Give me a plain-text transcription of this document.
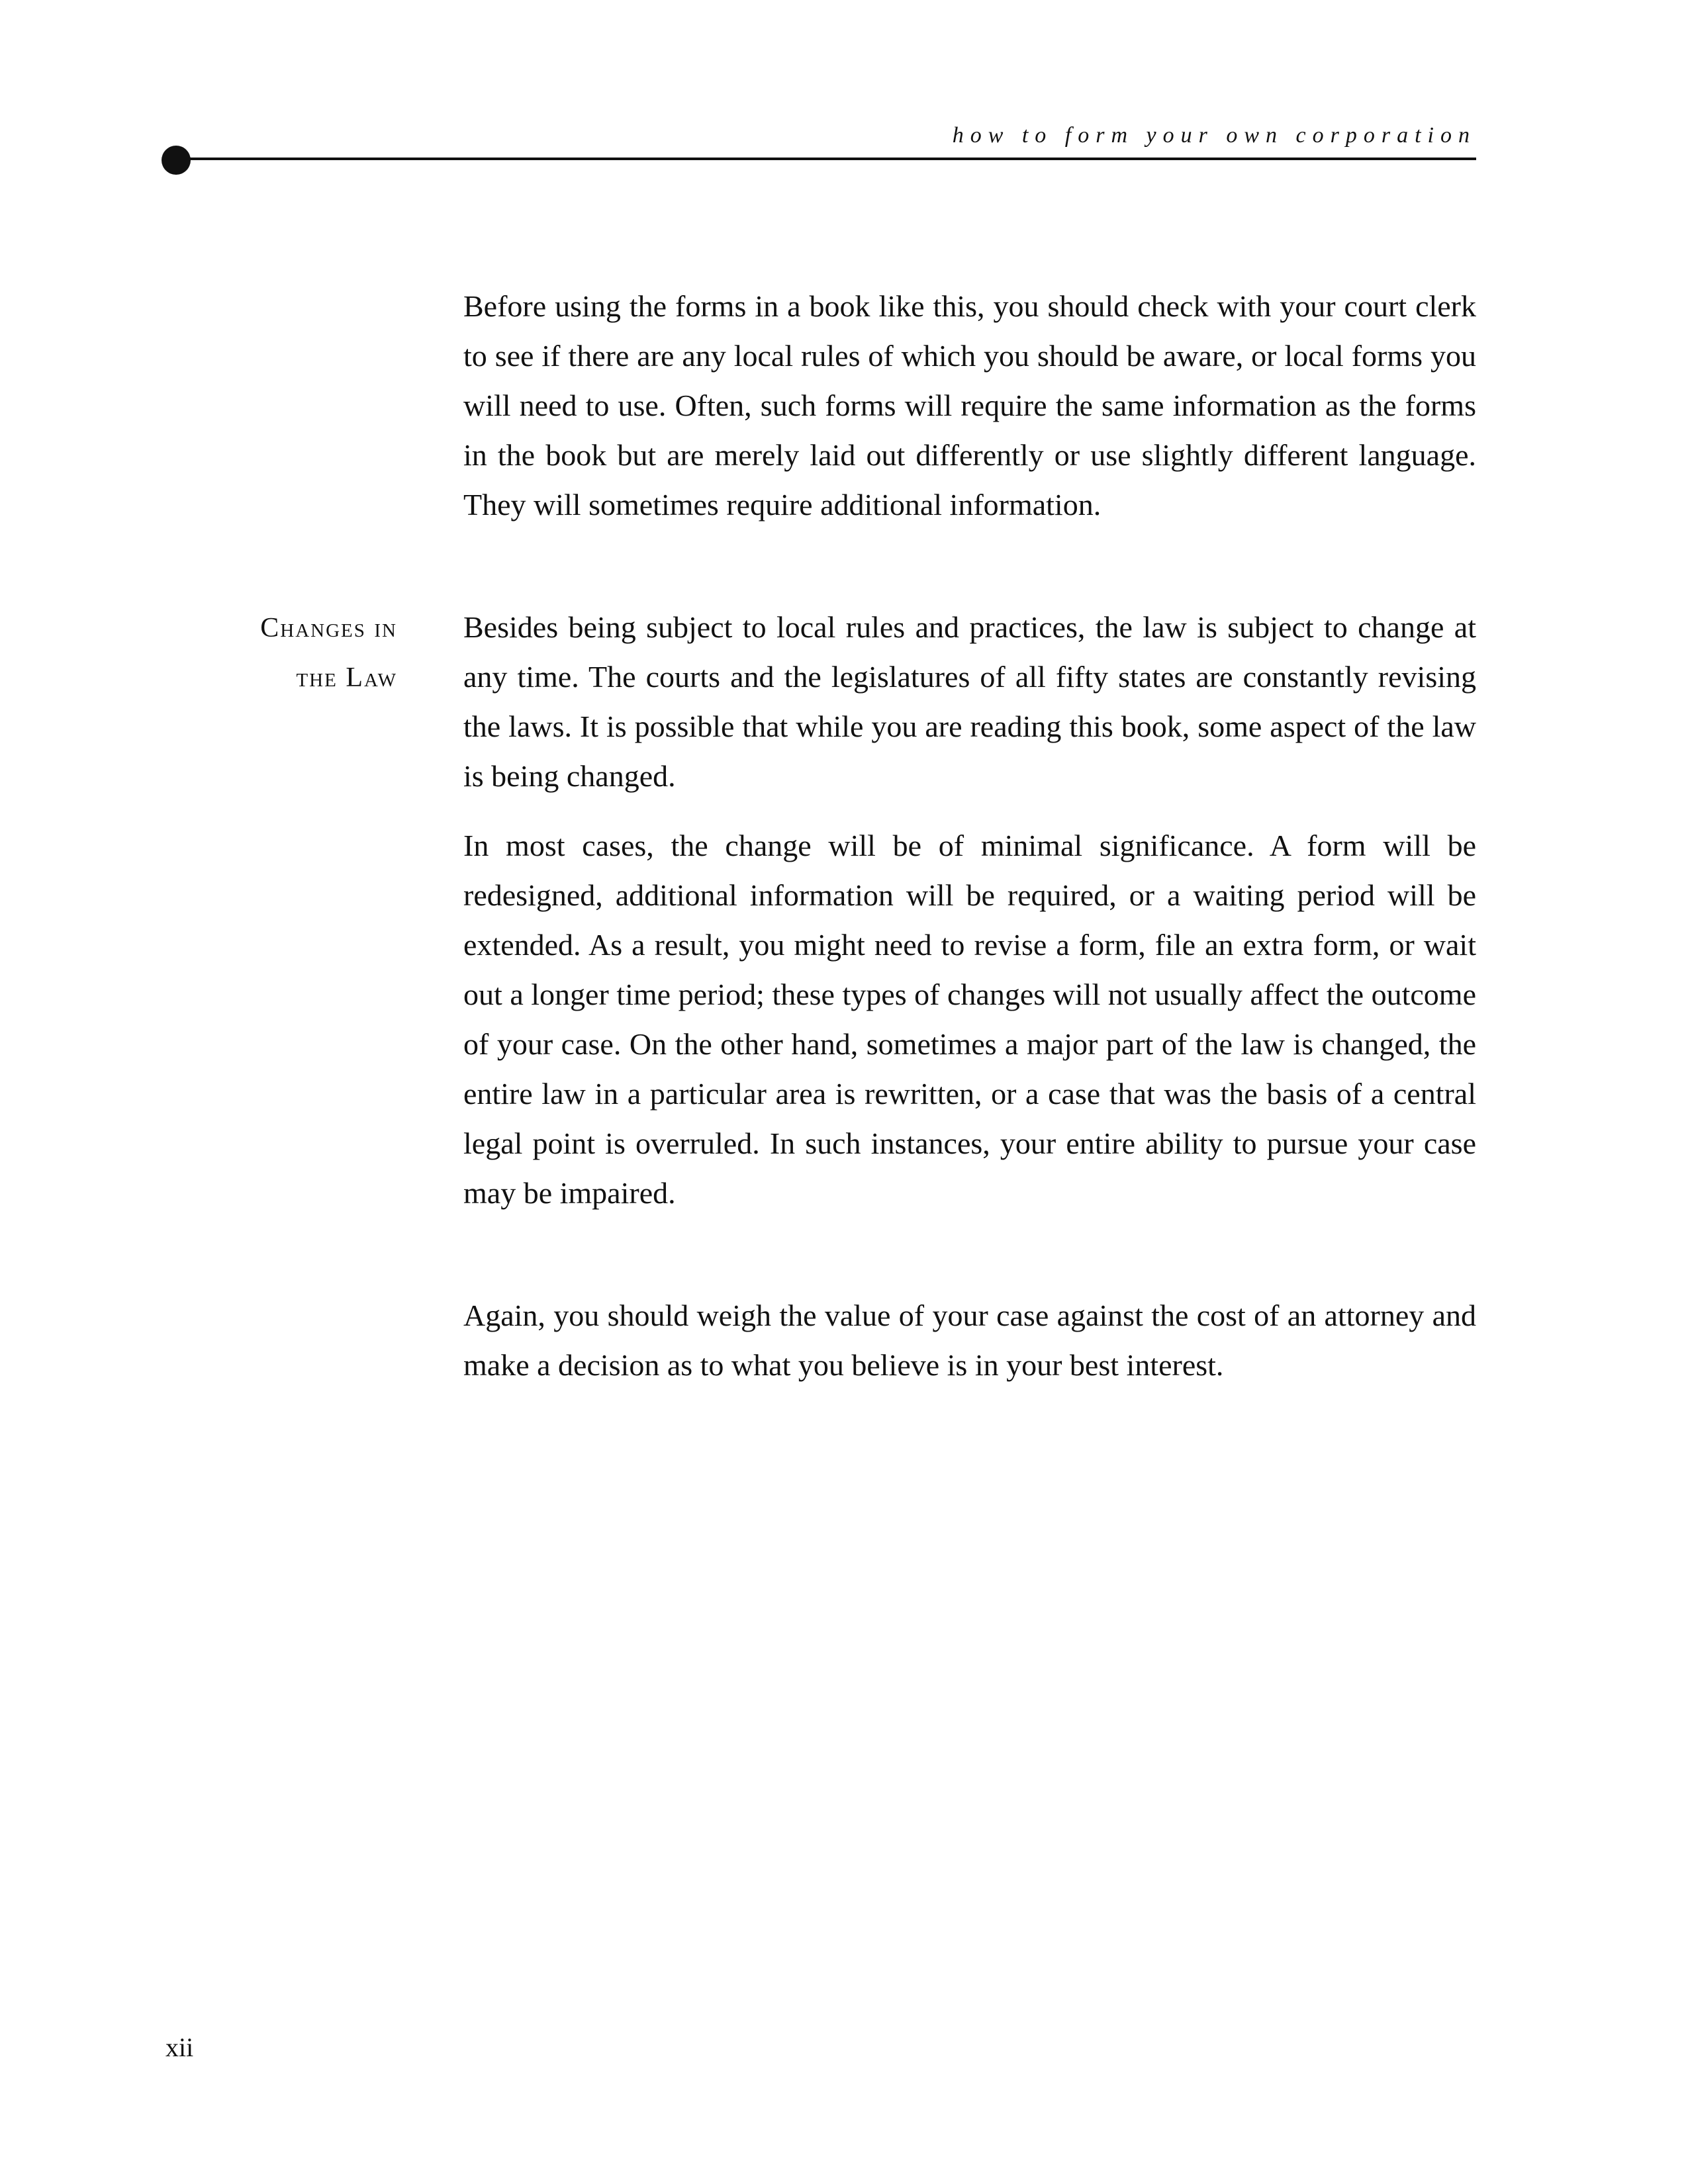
how to form your own corporation
Changes in
the Law

Before using the forms in a book like this, you should check with your court clerk to see if there are any local rules of which you should be aware, or local forms you will need to use. Often, such forms will require the same information as the forms in the book but are merely laid out differently or use slightly different language. They will sometimes require additional information.

Besides being subject to local rules and practices, the law is subject to change at any time. The courts and the legislatures of all fifty states are constantly revising the laws. It is possible that while you are reading this book, some aspect of the law is being changed.

In most cases, the change will be of minimal significance. A form will be redesigned, additional information will be required, or a waiting period will be extended. As a result, you might need to revise a form, file an extra form, or wait out a longer time period; these types of changes will not usually affect the outcome of your case. On the other hand, sometimes a major part of the law is changed, the entire law in a particular area is rewritten, or a case that was the basis of a central legal point is overruled. In such instances, your entire ability to pursue your case may be impaired.

Again, you should weigh the value of your case against the cost of an attorney and make a decision as to what you believe is in your best interest.

xii
